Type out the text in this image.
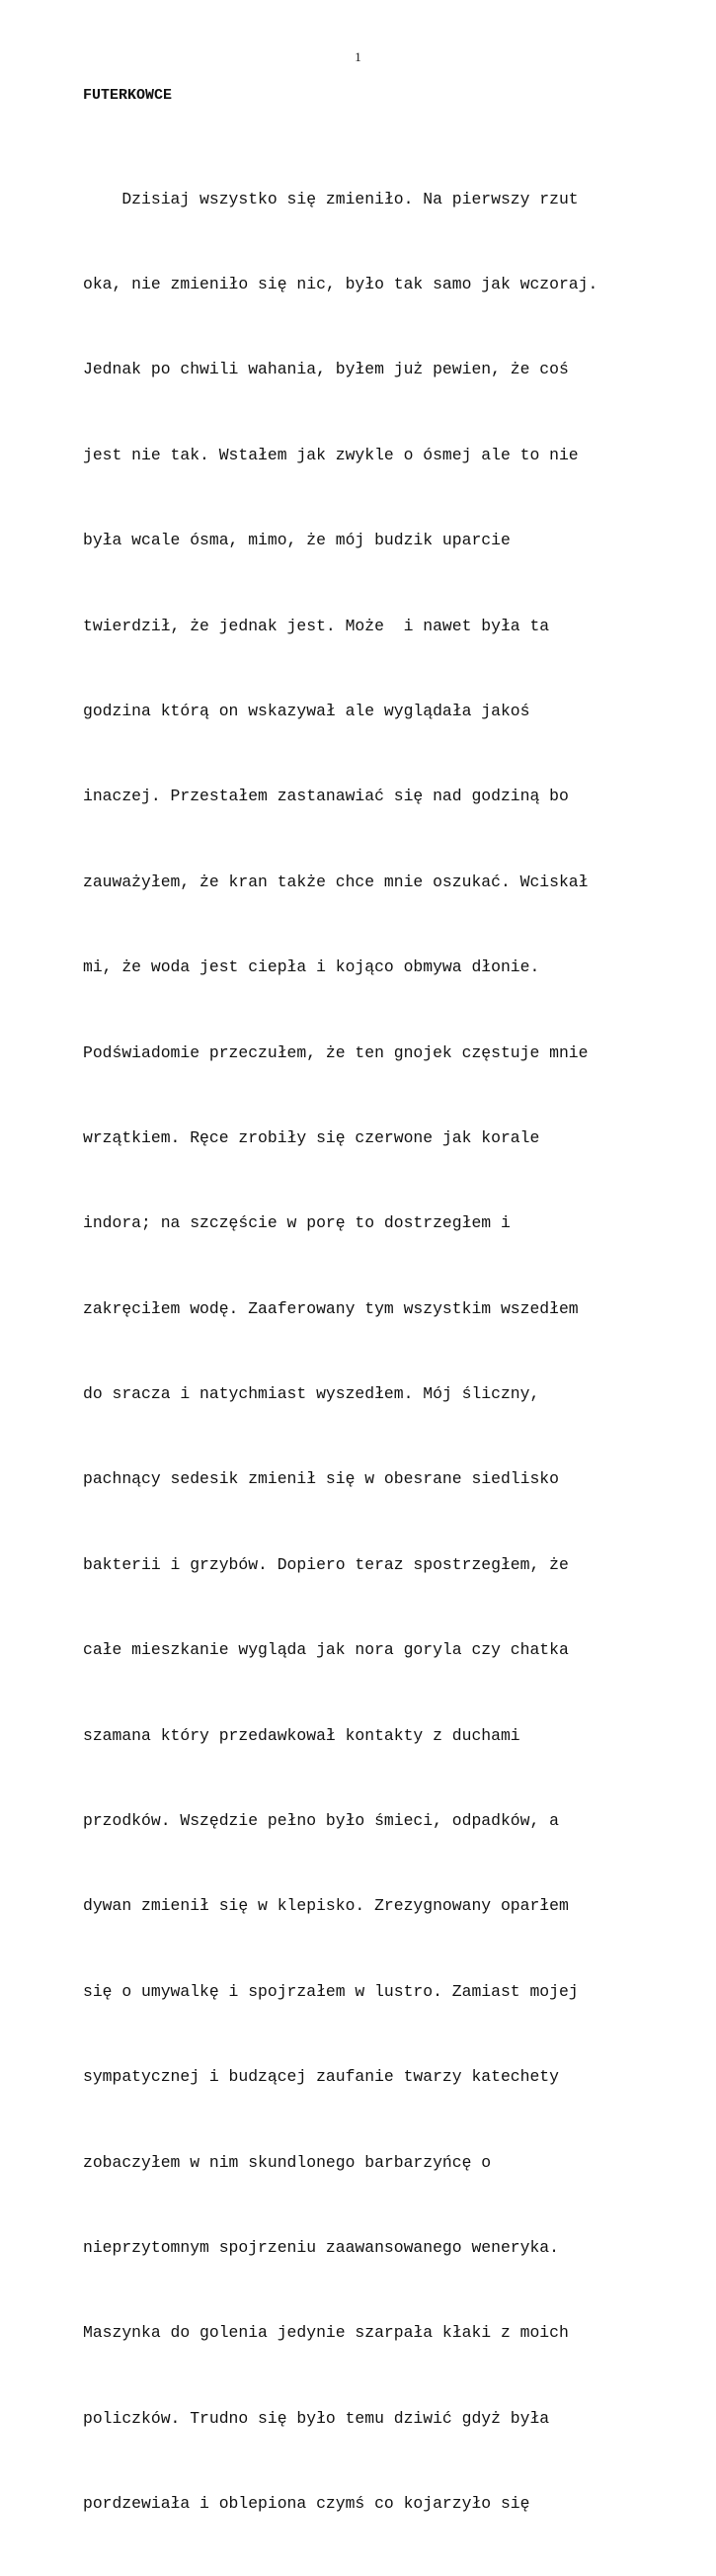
1
FUTERKOWCE

Dzisiaj wszystko się zmieniło. Na pierwszy rzut

oka, nie zmieniło się nic, było tak samo jak wczoraj.

Jednak po chwili wahania, byłem już pewien, że coś

jest nie tak. Wstałem jak zwykle o ósmej ale to nie

była wcale ósma, mimo, że mój budzik uparcie

twierdził, że jednak jest. Może  i nawet była ta

godzina którą on wskazywał ale wyglądała jakoś

inaczej. Przestałem zastanawiać się nad godziną bo

zauważyłem, że kran także chce mnie oszukać. Wciskał

mi, że woda jest ciepła i kojąco obmywa dłonie.

Podświadomie przeczułem, że ten gnojek częstuje mnie

wrzątkiem. Ręce zrobiły się czerwone jak korale

indora; na szczęście w porę to dostrzegłem i

zakręciłem wodę. Zaaferowany tym wszystkim wszedłem

do sracza i natychmiast wyszedłem. Mój śliczny,

pachnący sedesik zmienił się w obesrane siedlisko

bakterii i grzybów. Dopiero teraz spostrzegłem, że

całe mieszkanie wygląda jak nora goryla czy chatka

szamana który przedawkował kontakty z duchami

przodków. Wszędzie pełno było śmieci, odpadków, a

dywan zmienił się w klepisko. Zrezygnowany oparłem

się o umywalkę i spojrzałem w lustro. Zamiast mojej

sympatycznej i budzącej zaufanie twarzy katechety

zobaczyłem w nim skundlonego barbarzyńcę o

nieprzytomnym spojrzeniu zaawansowanego weneryka.

Maszynka do golenia jedynie szarpała kłaki z moich

policzków. Trudno się było temu dziwić gdyż była

pordzewiała i oblepiona czymś co kojarzyło się
